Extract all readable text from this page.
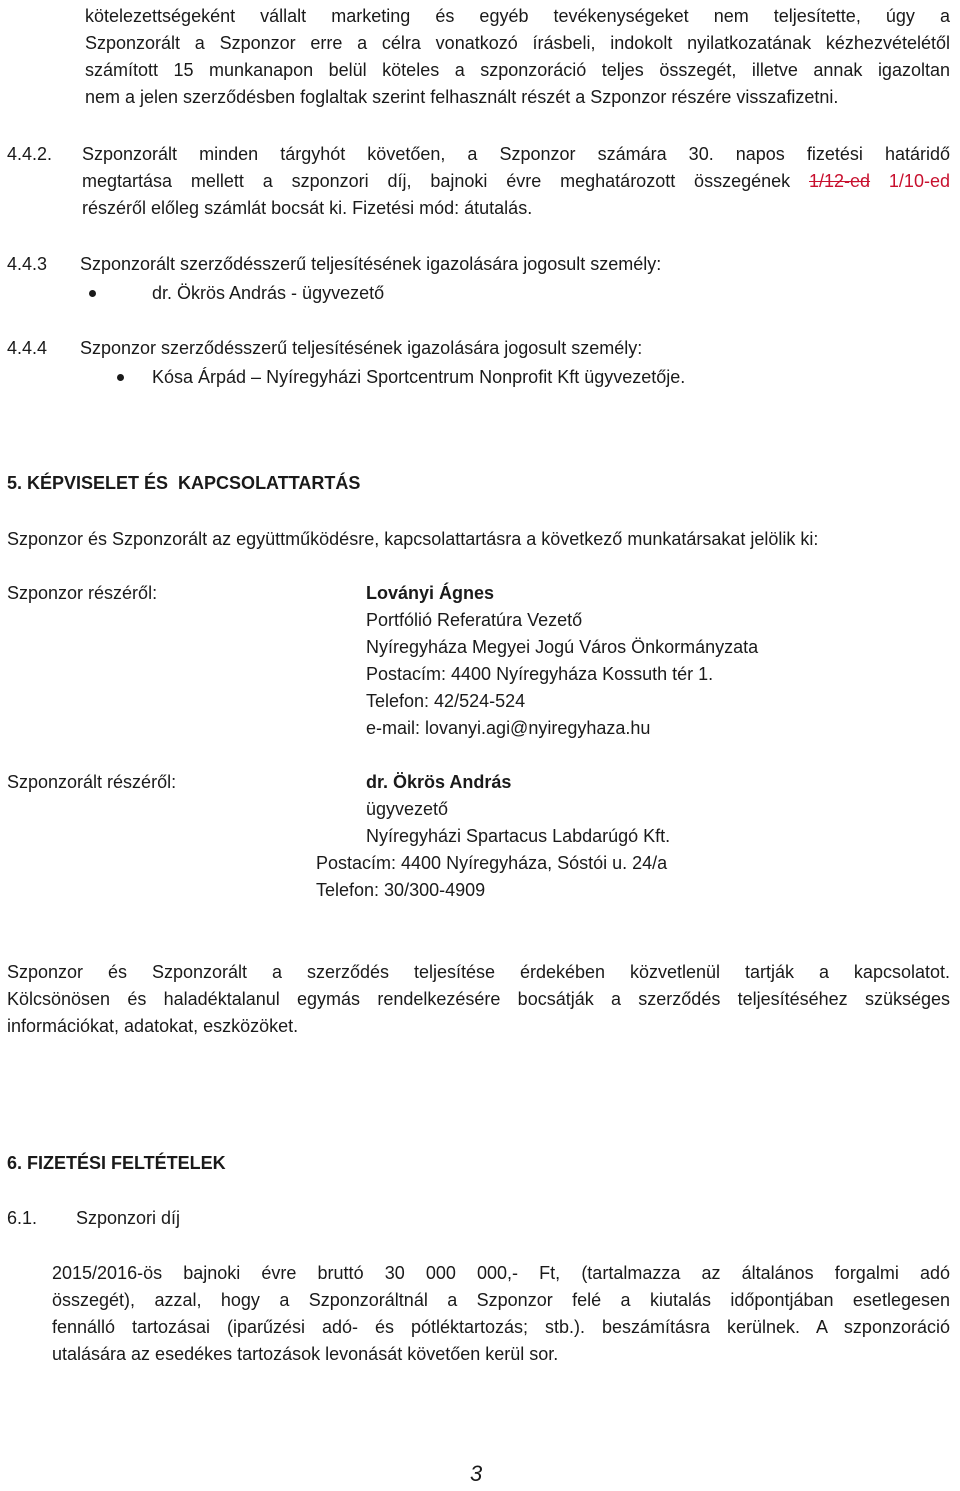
kötelezettségeként vállalt marketing és egyéb tevékenységeket nem teljesítette, úgy a

Szponzorált a Szponzor erre a célra vonatkozó írásbeli, indokolt nyilatkozatának kézhezvételétől

számított 15 munkanapon belül köteles a szponzoráció teljes összegét, illetve annak igazoltan

nem a jelen szerződésben foglaltak szerint felhasznált részét a Szponzor részére visszafizetni.

4.4.2. Szponzorált minden tárgyhót követően, a Szponzor számára 30. napos fizetési határidő

megtartása mellett a szponzori díj, bajnoki évre meghatározott összegének 1/12-ed 1/10-ed

részéről előleg számlát bocsát ki. Fizetési mód: átutalás.

4.4.3 Szponzorált szerződésszerű teljesítésének igazolására jogosult személy:
dr. Ökrös András - ügyvezető
4.4.4 Szponzor szerződésszerű teljesítésének igazolására jogosult személy:
Kósa Árpád – Nyíregyházi Sportcentrum Nonprofit Kft ügyvezetője.
5. KÉPVISELET ÉS  KAPCSOLATTARTÁS
Szponzor és Szponzorált az együttműködésre, kapcsolattartásra a következő munkatársakat jelölik ki:
Szponzor részéről:	Loványi Ágnes
Portfólió Referatúra Vezető
Nyíregyháza Megyei Jogú Város Önkormányzata
Postacím: 4400 Nyíregyháza Kossuth tér 1.
Telefon: 42/524-524
e-mail: lovanyi.agi@nyiregyhaza.hu
Szponzorált részéről:	dr. Ökrös András
ügyvezető
Nyíregyházi Spartacus Labdarúgó Kft.
Postacím: 4400 Nyíregyháza, Sóstói u. 24/a
Telefon: 30/300-4909

Szponzor és Szponzorált a szerződés teljesítése érdekében közvetlenül tartják a kapcsolatot.

Kölcsönösen és haladéktalanul egymás rendelkezésére bocsátják a szerződés teljesítéséhez szükséges

információkat, adatokat, eszközöket.

6. FIZETÉSI FELTÉTELEK
6.1. Szponzori díj

2015/2016-ös bajnoki évre bruttó 30 000 000,- Ft, (tartalmazza az általános forgalmi adó

összegét), azzal, hogy a Szponzoráltnál a Szponzor felé a kiutalás időpontjában esetlegesen

fennálló tartozásai (iparűzési adó- és pótléktartozás; stb.). beszámításra kerülnek. A szponzoráció

utalására az esedékes tartozások levonását követően kerül sor.

3
